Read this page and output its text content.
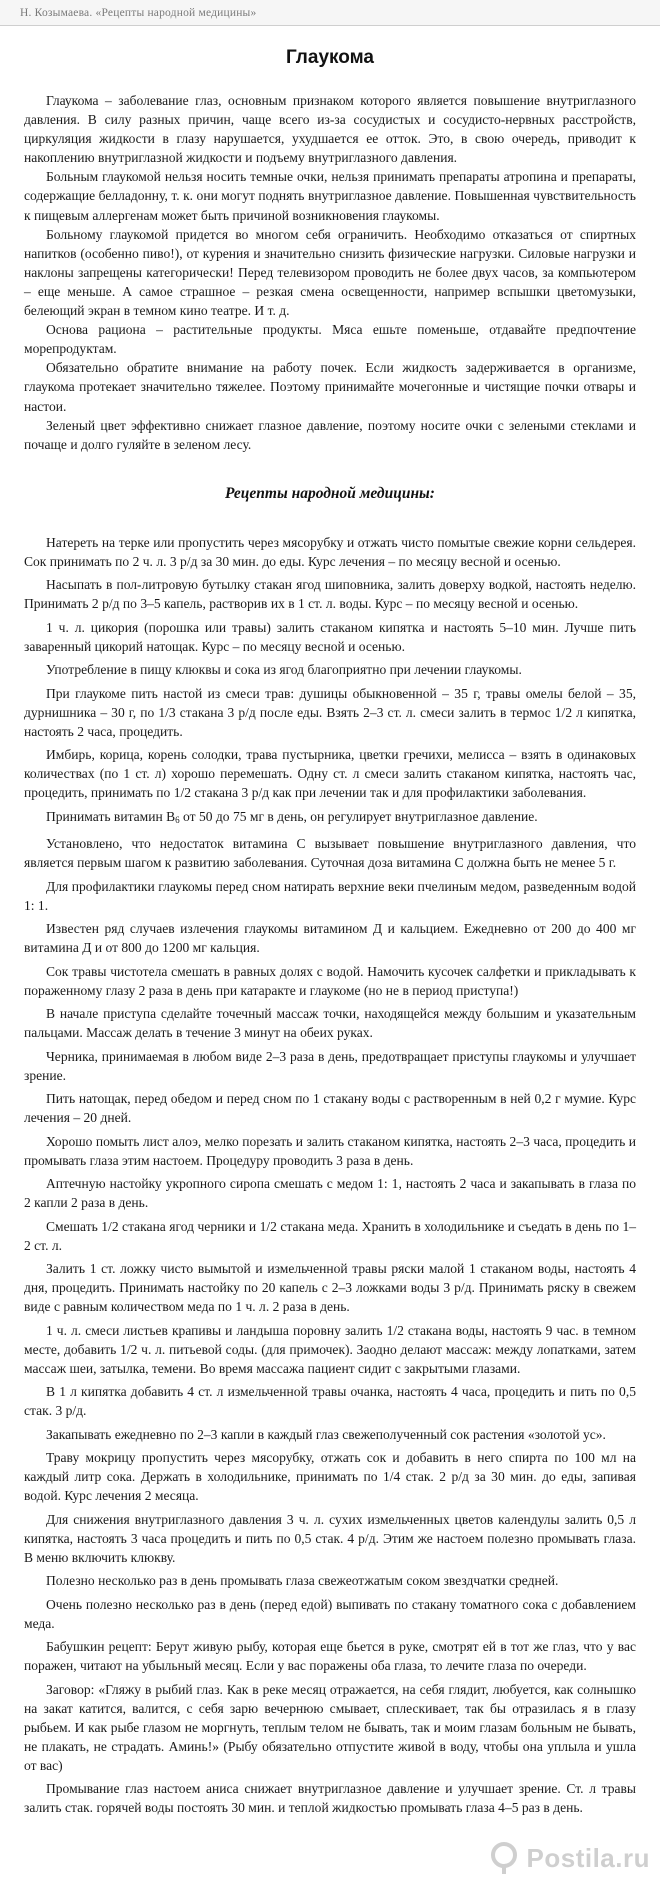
Н. Козымаева. «Рецепты народной медицины»
Глаукома

Глаукома – заболевание глаз, основным признаком которого является повышение внутриглазного давления. В силу разных причин, чаще всего из-за сосудистых и сосудисто-нервных расстройств, циркуляция жидкости в глазу нарушается, ухудшается ее отток. Это, в свою очередь, приводит к накоплению внутриглазной жидкости и подъему внутриглазного давления.

Больным глаукомой нельзя носить темные очки, нельзя принимать препараты атропина и препараты, содержащие белладонну, т. к. они могут поднять внутриглазное давление. Повышенная чувствительность к пищевым аллергенам может быть причиной возникновения глаукомы.

Больному глаукомой придется во многом себя ограничить. Необходимо отказаться от спиртных напитков (особенно пиво!), от курения и значительно снизить физические нагрузки. Силовые нагрузки и наклоны запрещены категорически! Перед телевизором проводить не более двух часов, за компьютером – еще меньше. А самое страшное – резкая смена освещенности, например вспышки цветомузыки, белеющий экран в темном кино театре. И т. д.

Основа рациона – растительные продукты. Мяса ешьте поменьше, отдавайте предпочтение морепродуктам.

Обязательно обратите внимание на работу почек. Если жидкость задерживается в организме, глаукома протекает значительно тяжелее. Поэтому принимайте мочегонные и чистящие почки отвары и настои.

Зеленый цвет эффективно снижает глазное давление, поэтому носите очки с зелеными стеклами и почаще и долго гуляйте в зеленом лесу.

Рецепты народной медицины:

Натереть на терке или пропустить через мясорубку и отжать чисто помытые свежие корни сельдерея. Сок принимать по 2 ч. л. 3 р/д за 30 мин. до еды. Курс лечения – по месяцу весной и осенью.

Насыпать в пол-литровую бутылку стакан ягод шиповника, залить доверху водкой, настоять неделю. Принимать 2 р/д по 3–5 капель, растворив их в 1 ст. л. воды. Курс – по месяцу весной и осенью.

1 ч. л. цикория (порошка или травы) залить стаканом кипятка и настоять 5–10 мин. Лучше пить заваренный цикорий натощак. Курс – по месяцу весной и осенью.

Употребление в пищу клюквы и сока из ягод благоприятно при лечении глаукомы.

При глаукоме пить настой из смеси трав: душицы обыкновенной – 35 г, травы омелы белой – 35, дурнишника – 30 г, по 1/3 стакана 3 р/д после еды. Взять 2–3 ст. л. смеси залить в термос 1/2 л кипятка, настоять 2 часа, процедить.

Имбирь, корица, корень солодки, трава пустырника, цветки гречихи, мелисса – взять в одинаковых количествах (по 1 ст. л) хорошо перемешать. Одну ст. л смеси залить стаканом кипятка, настоять час, процедить, принимать по 1/2 стакана 3 р/д как при лечении так и для профилактики заболевания.

Принимать витамин $В_6$ от 50 до 75 мг в день, он регулирует внутриглазное давление.

Установлено, что недостаток витамина С вызывает повышение внутриглазного давления, что является первым шагом к развитию заболевания. Суточная доза витамина С должна быть не менее 5 г.

Для профилактики глаукомы перед сном натирать верхние веки пчелиным медом, разведенным водой 1: 1.

Известен ряд случаев излечения глаукомы витамином Д и кальцием. Ежедневно от 200 до 400 мг витамина Д и от 800 до 1200 мг кальция.

Сок травы чистотела смешать в равных долях с водой. Намочить кусочек салфетки и прикладывать к пораженному глазу 2 раза в день при катаракте и глаукоме (но не в период приступа!)

В начале приступа сделайте точечный массаж точки, находящейся между большим и указательным пальцами. Массаж делать в течение 3 минут на обеих руках.

Черника, принимаемая в любом виде 2–3 раза в день, предотвращает приступы глаукомы и улучшает зрение.

Пить натощак, перед обедом и перед сном по 1 стакану воды с растворенным в ней 0,2 г мумие. Курс лечения – 20 дней.

Хорошо помыть лист алоэ, мелко порезать и залить стаканом кипятка, настоять 2–3 часа, процедить и промывать глаза этим настоем. Процедуру проводить 3 раза в день.

Аптечную настойку укропного сиропа смешать с медом 1: 1, настоять 2 часа и закапывать в глаза по 2 капли 2 раза в день.

Смешать 1/2 стакана ягод черники и 1/2 стакана меда. Хранить в холодильнике и съедать в день по 1–2 ст. л.

Залить 1 ст. ложку чисто вымытой и измельченной травы ряски малой 1 стаканом воды, настоять 4 дня, процедить. Принимать настойку по 20 капель с 2–3 ложками воды 3 р/д. Принимать ряску в свежем виде с равным количеством меда по 1 ч. л. 2 раза в день.

1 ч. л. смеси листьев крапивы и ландыша поровну залить 1/2 стакана воды, настоять 9 час. в темном месте, добавить 1/2 ч. л. питьевой соды. (для примочек). Заодно делают массаж: между лопатками, затем массаж шеи, затылка, темени. Во время массажа пациент сидит с закрытыми глазами.

В 1 л кипятка добавить 4 ст. л измельченной травы очанка, настоять 4 часа, процедить и пить по 0,5 стак. 3 р/д.

Закапывать ежедневно по 2–3 капли в каждый глаз свежеполученный сок растения «золотой ус».

Траву мокрицу пропустить через мясорубку, отжать сок и добавить в него спирта по 100 мл на каждый литр сока. Держать в холодильнике, принимать по 1/4 стак. 2 р/д за 30 мин. до еды, запивая водой. Курс лечения 2 месяца.

Для снижения внутриглазного давления 3 ч. л. сухих измельченных цветов календулы залить 0,5 л кипятка, настоять 3 часа процедить и пить по 0,5 стак. 4 р/д. Этим же настоем полезно промывать глаза. В меню включить клюкву.

Полезно несколько раз в день промывать глаза свежеотжатым соком звездчатки средней.

Очень полезно несколько раз в день (перед едой) выпивать по стакану томатного сока с добавлением меда.

Бабушкин рецепт: Берут живую рыбу, которая еще бьется в руке, смотрят ей в тот же глаз, что у вас поражен, читают на убыльный месяц. Если у вас поражены оба глаза, то лечите глаза по очереди.

Заговор: «Гляжу в рыбий глаз. Как в реке месяц отражается, на себя глядит, любуется, как солнышко на закат катится, валится, с себя зарю вечернюю смывает, сплескивает, так бы отразилась я в глазу рыбьем. И как рыбе глазом не моргнуть, теплым телом не бывать, так и моим глазам больным не бывать, не плакать, не страдать. Аминь!» (Рыбу обязательно отпустите живой в воду, чтобы она уплыла и ушла от вас)

Промывание глаз настоем аниса снижает внутриглазное давление и улучшает зрение. Ст. л травы залить стак. горячей воды постоять 30 мин. и теплой жидкостью промывать глаза 4–5 раз в день.

Postila.ru
